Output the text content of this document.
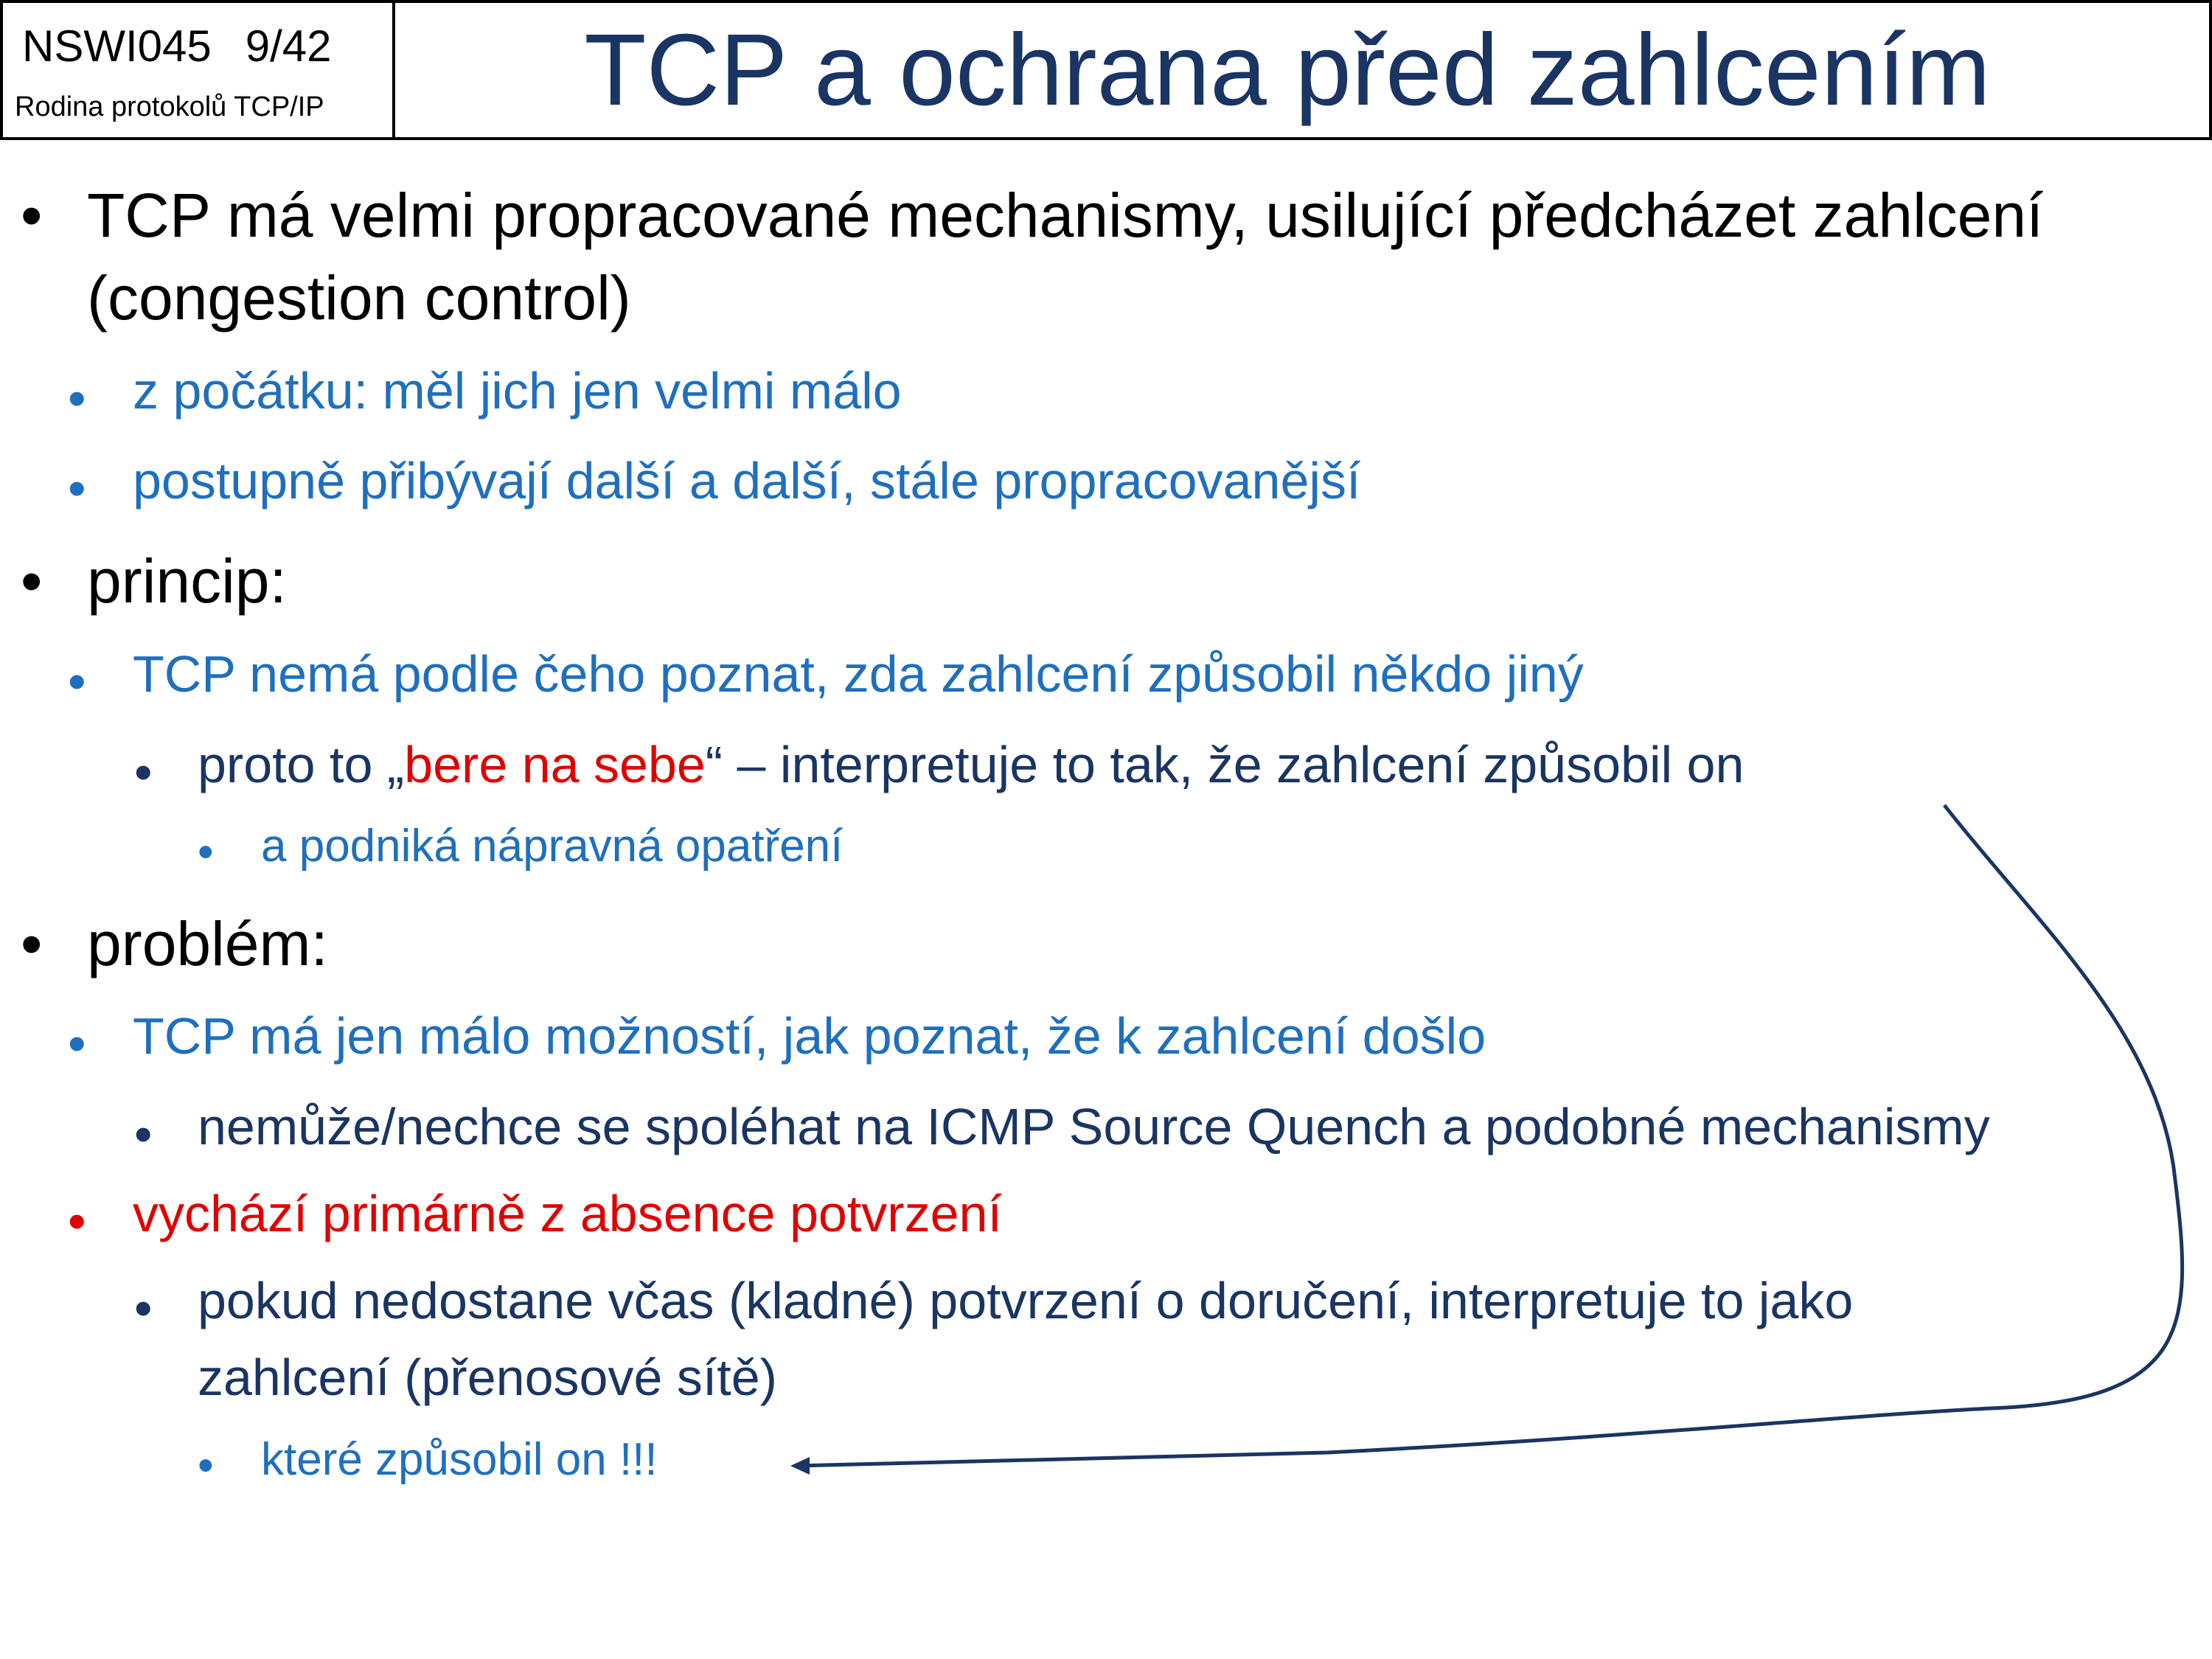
NSWI045 9/42
Rodina protokolů TCP/IP	TCP a ochrana před zahlcením
• TCP má velmi propracované mechanismy, usilující předcházet zahlcení
(congestion control)
• z počátku: měl jich jen velmi málo
• postupně přibývají další a další, stále propracovanější
• princip:
• TCP nemá podle čeho poznat, zda zahlcení způsobil někdo jiný
• proto to „bere na sebe“ – interpretuje to tak, že zahlcení způsobil on
• a podniká nápravná opatření
• problém:
• TCP má jen málo možností, jak poznat, že k zahlcení došlo
• nemůže/nechce se spoléhat na ICMP Source Quench a podobné mechanismy
• vychází primárně z absence potvrzení
• pokud nedostane včas (kladné) potvrzení o doručení, interpretuje to jako
zahlcení (přenosové sítě)
• které způsobil on !!!
